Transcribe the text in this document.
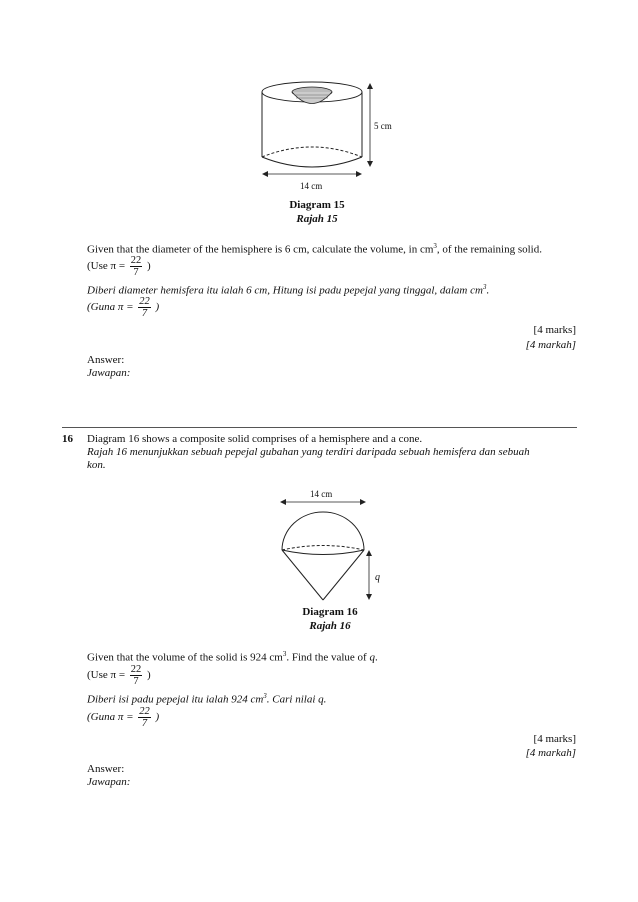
5 cm
14 cm
Diagram 15
Rajah 15
Given that the diameter of the hemisphere is 6 cm, calculate the volume, in $cm^3$, of the remaining solid.
(Use $\pi = \frac{22}{7}$ )
Diberi diameter hemisfera itu ialah 6 cm, Hitung isi padu pepejal yang tinggal, dalam $cm^3$.
(Guna $\pi = \frac{22}{7}$ )
[4 marks]
[4 markah]
Answer:
Jawapan:
16 Diagram 16 shows a composite solid comprises of a hemisphere and a cone.
Rajah 16 menunjukkan sebuah pepejal gubahan yang terdiri daripada sebuah hemisfera dan sebuah
kon.
14 cm
q
Diagram 16
Rajah 16
Given that the volume of the solid is 924 $cm^3$. Find the value of q.
(Use $\pi = \frac{22}{7}$ )
Diberi isi padu pepejal itu ialah 924 $cm^3$. Cari nilai q.
(Guna $\pi = \frac{22}{7}$ )
[4 marks]
[4 markah]
Answer:
Jawapan:
